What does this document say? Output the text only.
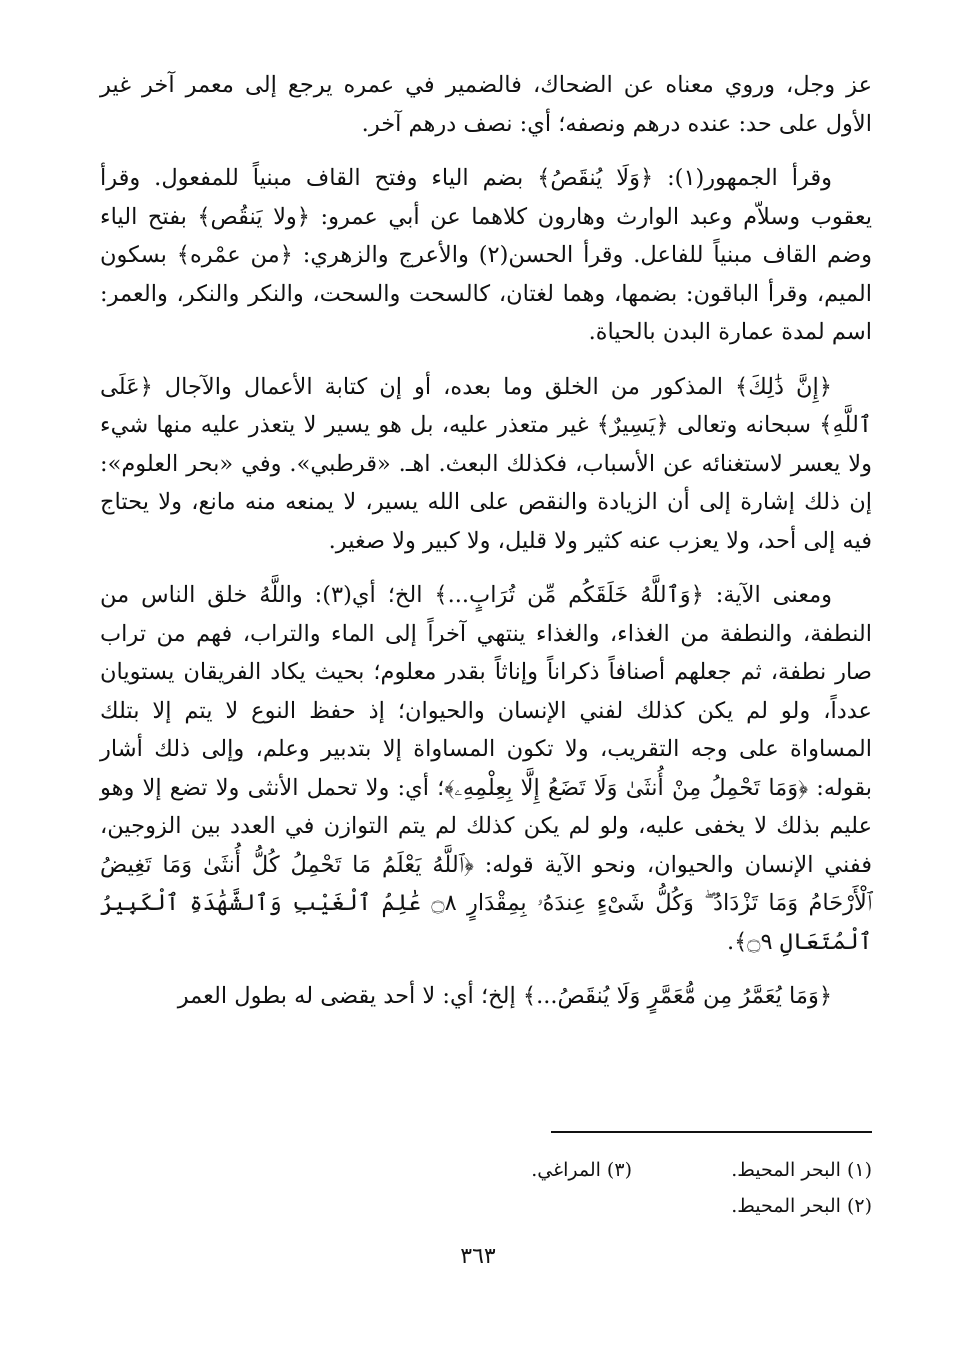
عز وجل، وروي معناه عن الضحاك، فالضمير في عمره يرجع إلى معمر آخر غير الأول على حد: عنده درهم ونصفه؛ أي: نصف درهم آخر.

وقرأ الجمهور(١): ﴿وَلَا يُنقَصُ﴾ بضم الياء وفتح القاف مبنياً للمفعول. وقرأ يعقوب وسلاّم وعبد الوارث وهارون كلاهما عن أبي عمرو: ﴿ولا يَنقُص﴾ بفتح الياء وضم القاف مبنياً للفاعل. وقرأ الحسن(٢) والأعرج والزهري: ﴿من عمْره﴾ بسكون الميم، وقرأ الباقون: بضمها، وهما لغتان، كالسحت والسحت، والنكر والنكر، والعمر: اسم لمدة عمارة البدن بالحياة.

﴿إِنَّ ذَٰلِكَ﴾ المذكور من الخلق وما بعده، أو إن كتابة الأعمال والآجال ﴿عَلَى ٱللَّهِ﴾ سبحانه وتعالى ﴿يَسِيرٌ﴾ غير متعذر عليه، بل هو يسير لا يتعذر عليه منها شيء ولا يعسر لاستغنائه عن الأسباب، فكذلك البعث. اهـ. «قرطبي». وفي «بحر العلوم»: إن ذلك إشارة إلى أن الزيادة والنقص على الله يسير، لا يمنعه منه مانع، ولا يحتاج فيه إلى أحد، ولا يعزب عنه كثير ولا قليل، ولا كبير ولا صغير.

ومعنى الآية: ﴿وَٱللَّهُ خَلَقَكُم مِّن تُرَابٍ...﴾ الخ؛ أي(٣): واللَّهُ خلق الناس من النطفة، والنطفة من الغذاء، والغذاء ينتهي آخراً إلى الماء والتراب، فهم من تراب صار نطفة، ثم جعلهم أصنافاً ذكراناً وإناثاً بقدر معلوم؛ بحيث يكاد الفريقان يستويان عدداً، ولو لم يكن كذلك لفني الإنسان والحيوان؛ إذ حفظ النوع لا يتم إلا بتلك المساواة على وجه التقريب، ولا تكون المساواة إلا بتدبير وعلم، وإلى ذلك أشار بقوله: ﴿وَمَا تَحْمِلُ مِنْ أُنثَىٰ وَلَا تَضَعُ إِلَّا بِعِلْمِهِۦ﴾؛ أي: ولا تحمل الأنثى ولا تضع إلا وهو عليم بذلك لا يخفى عليه، ولو لم يكن كذلك لم يتم التوازن في العدد بين الزوجين، ففني الإنسان والحيوان، ونحو الآية قوله: ﴿ٱللَّهُ يَعْلَمُ مَا تَحْمِلُ كُلُّ أُنثَىٰ وَمَا تَغِيضُ ٱلْأَرْحَامُ وَمَا تَزْدَادُ ۖ وَكُلُّ شَىْءٍ عِندَهُۥ بِمِقْدَارٍ ۝٨ عَٰلِمُ ٱلْغَيْبِ وَٱلشَّهَٰدَةِ ٱلْكَبِيرُ ٱلْمُتَعَالِ ۝٩﴾.

﴿وَمَا يُعَمَّرُ مِن مُّعَمَّرٍ وَلَا يُنقَصُ...﴾ إلخ؛ أي: لا أحد يقضى له بطول العمر

(١) البحر المحيط.
(٣) المراغي.
(٢) البحر المحيط.
٣٦٣
